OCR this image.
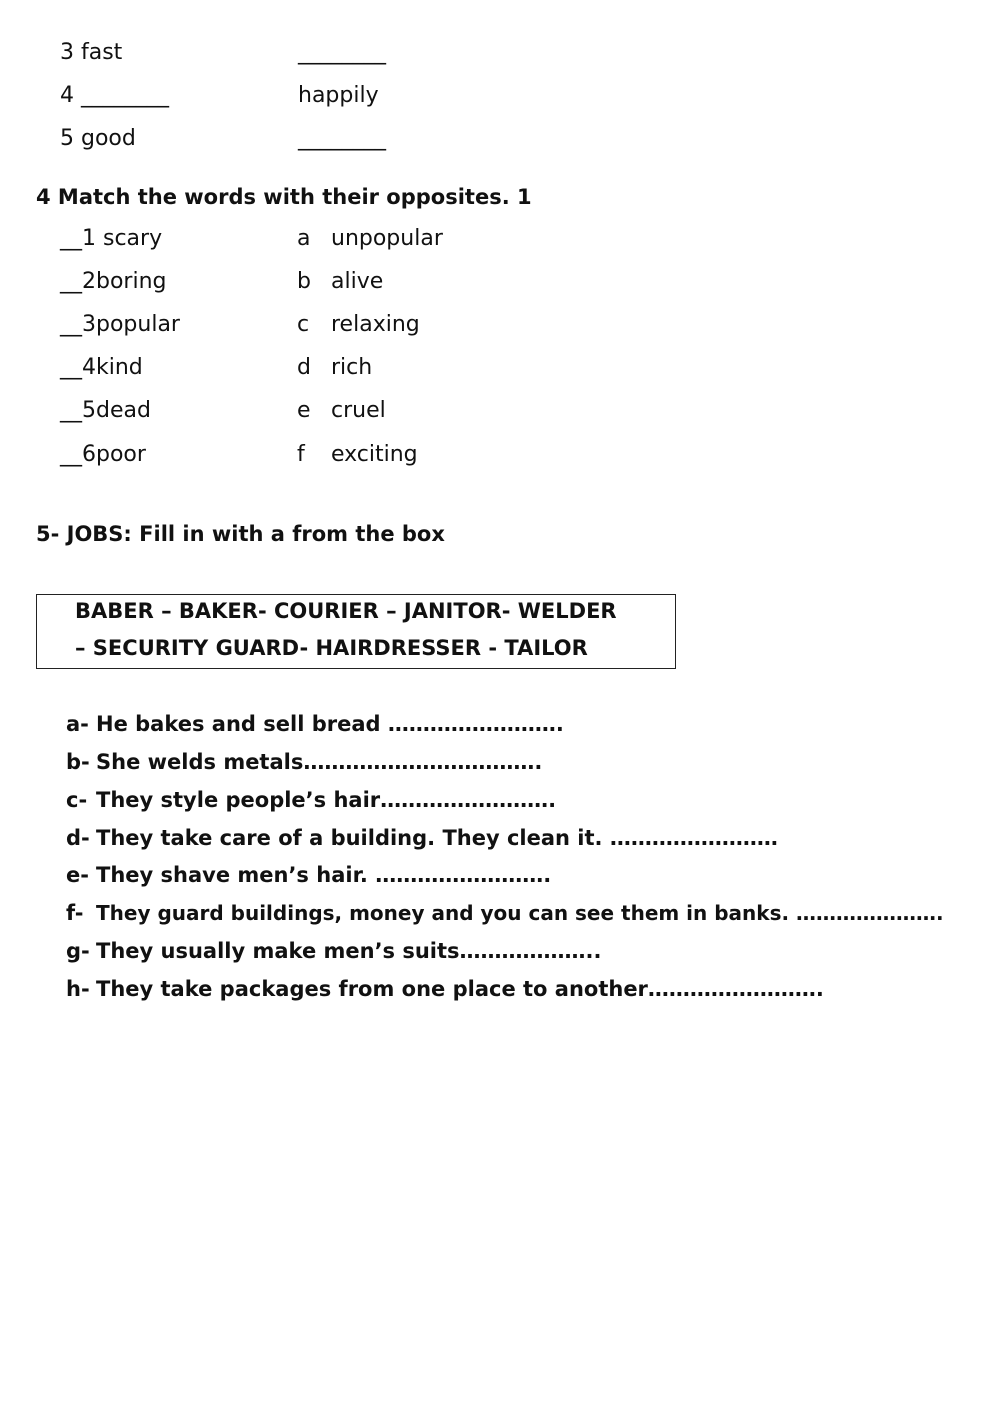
3 fast	________
4 ________	happily
5 good	________
4 Match the words with their opposites. 1
__1 scary	a unpopular
__2boring	b alive
__3popular	c relaxing
__4kind	d rich
__5dead	e cruel
__6poor	f exciting
5- JOBS: Fill in with a from the box
BABER – BAKER- COURIER – JANITOR- WELDER
– SECURITY GUARD- HAIRDRESSER - TAILOR
a- He bakes and sell bread …………………….
b- She welds metals…………………………….
c- They style people’s hair…………………….
d- They take care of a building. They clean it. ……………………
e- They shave men’s hair. …………………….
f- They guard buildings, money and you can see them in banks. ………………….
g- They usually make men’s suits………………..
h- They take packages from one place to another…………………….
